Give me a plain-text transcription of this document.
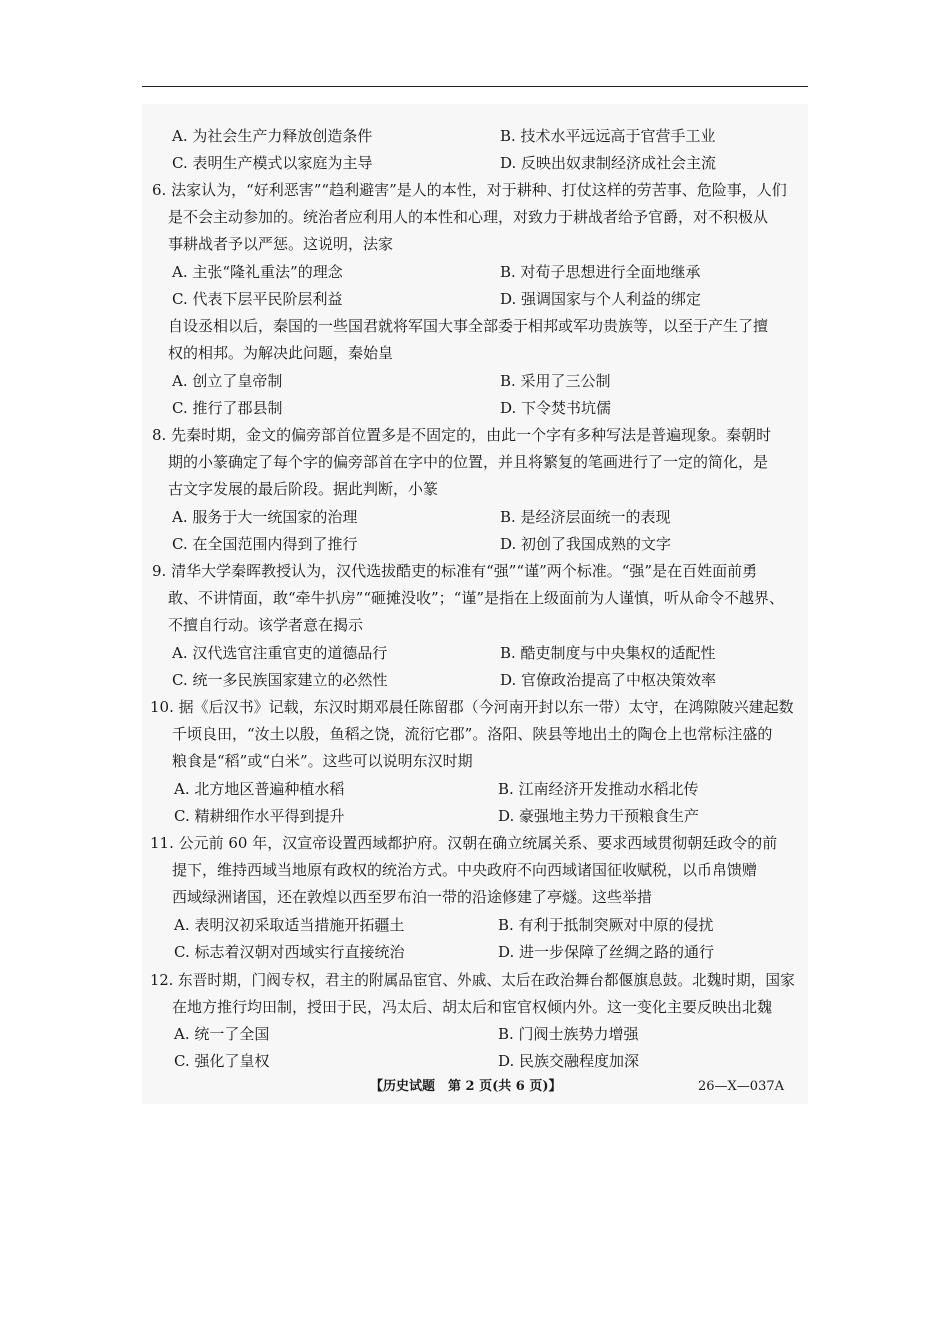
A. 为社会生产力释放创造条件	B. 技术水平远远高于官营手工业
C. 表明生产模式以家庭为主导	D. 反映出奴隶制经济成社会主流
6. 法家认为，“好利恶害”“趋利避害”是人的本性，对于耕种、打仗这样的劳苦事、危险事，人们
是不会主动参加的。统治者应利用人的本性和心理，对致力于耕战者给予官爵，对不积极从
事耕战者予以严惩。这说明，法家
A. 主张“隆礼重法”的理念	B. 对荀子思想进行全面地继承
C. 代表下层平民阶层利益	D. 强调国家与个人利益的绑定
自设丞相以后，秦国的一些国君就将军国大事全部委于相邦或军功贵族等，以至于产生了擅
权的相邦。为解决此问题，秦始皇
A. 创立了皇帝制	B. 采用了三公制
C. 推行了郡县制	D. 下令焚书坑儒
8. 先秦时期，金文的偏旁部首位置多是不固定的，由此一个字有多种写法是普遍现象。秦朝时
期的小篆确定了每个字的偏旁部首在字中的位置，并且将繁复的笔画进行了一定的简化，是
古文字发展的最后阶段。据此判断，小篆
A. 服务于大一统国家的治理	B. 是经济层面统一的表现
C. 在全国范围内得到了推行	D. 初创了我国成熟的文字
9. 清华大学秦晖教授认为，汉代选拔酷吏的标准有“强”“谨”两个标准。“强”是在百姓面前勇
敢、不讲情面，敢“牵牛扒房”“砸摊没收”；“谨”是指在上级面前为人谨慎，听从命令不越界、
不擅自行动。该学者意在揭示
A. 汉代选官注重官吏的道德品行	B. 酷吏制度与中央集权的适配性
C. 统一多民族国家建立的必然性	D. 官僚政治提高了中枢决策效率
10. 据《后汉书》记载，东汉时期邓晨任陈留郡（今河南开封以东一带）太守，在鸿隙陂兴建起数
千顷良田，“汝土以殷，鱼稻之饶，流衍它郡”。洛阳、陕县等地出土的陶仓上也常标注盛的
粮食是“稻”或“白米”。这些可以说明东汉时期
A. 北方地区普遍种植水稻	B. 江南经济开发推动水稻北传
C. 精耕细作水平得到提升	D. 豪强地主势力干预粮食生产
11. 公元前 60 年，汉宣帝设置西域都护府。汉朝在确立统属关系、要求西域贯彻朝廷政令的前
提下，维持西域当地原有政权的统治方式。中央政府不向西域诸国征收赋税，以币帛馈赠
西域绿洲诸国，还在敦煌以西至罗布泊一带的沿途修建了亭燧。这些举措
A. 表明汉初采取适当措施开拓疆土	B. 有利于抵制突厥对中原的侵扰
C. 标志着汉朝对西域实行直接统治	D. 进一步保障了丝绸之路的通行
12. 东晋时期，门阀专权，君主的附属品宦官、外戚、太后在政治舞台都偃旗息鼓。北魏时期，国家
在地方推行均田制，授田于民，冯太后、胡太后和宦官权倾内外。这一变化主要反映出北魏
A. 统一了全国	B. 门阀士族势力增强
C. 强化了皇权	D. 民族交融程度加深
【历史试题　第 2 页(共 6 页)】	26—X—037A
